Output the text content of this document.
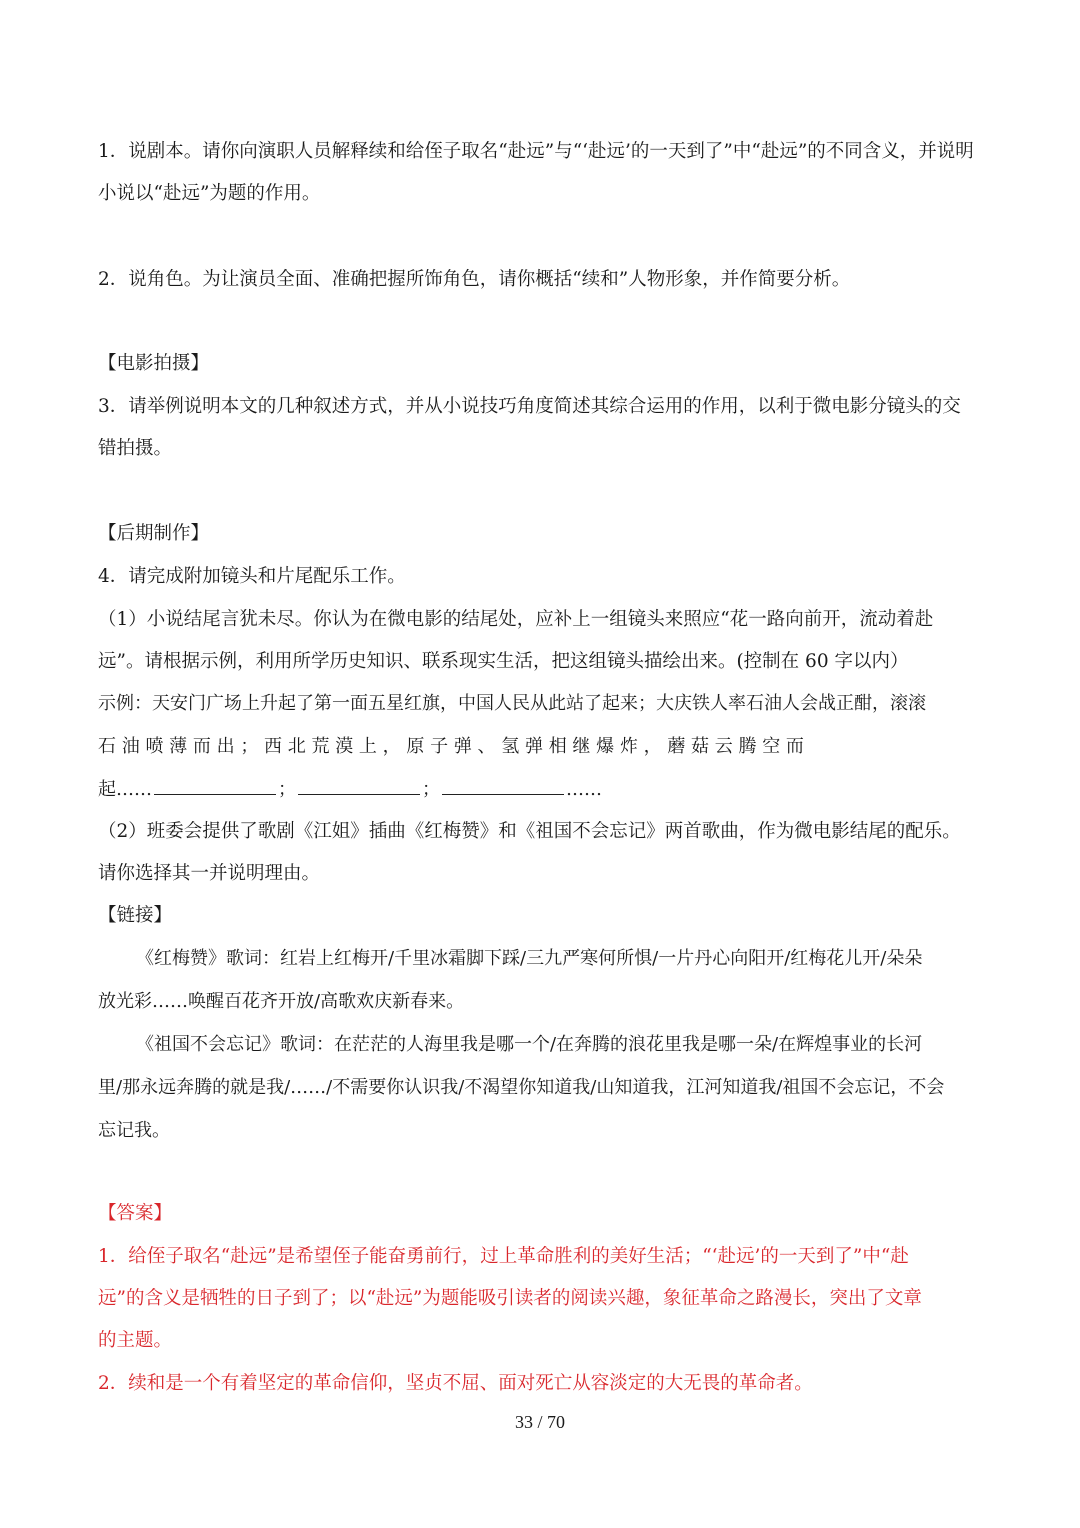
1．说剧本。请你向演职人员解释续和给侄子取名“赴远”与“‘赴远’的一天到了”中“赴远”的不同含义，并说明

小说以“赴远”为题的作用。

2．说角色。为让演员全面、准确把握所饰角色，请你概括“续和”人物形象，并作简要分析。

【电影拍摄】

3．请举例说明本文的几种叙述方式，并从小说技巧角度简述其综合运用的作用，以利于微电影分镜头的交

错拍摄。

【后期制作】

4．请完成附加镜头和片尾配乐工作。

（1）小说结尾言犹未尽。你认为在微电影的结尾处，应补上一组镜头来照应“花一路向前开，流动着赴

远”。请根据示例，利用所学历史知识、联系现实生活，把这组镜头描绘出来。(控制在 60 字以内）

示例：天安门广场上升起了第一面五星红旗，中国人民从此站了起来；大庆铁人率石油人会战正酣，滚滚

石 油 喷 薄 而 出 ； 西 北 荒 漠 上 ， 原 子 弹 、 氢 弹 相 继 爆 炸 ， 蘑 菇 云 腾 空 而

起……	；	；	……

（2）班委会提供了歌剧《江姐》插曲《红梅赞》和《祖国不会忘记》两首歌曲，作为微电影结尾的配乐。

请你选择其一并说明理由。

【链接】

《红梅赞》歌词：红岩上红梅开/千里冰霜脚下踩/三九严寒何所惧/一片丹心向阳开/红梅花儿开/朵朵

放光彩……唤醒百花齐开放/高歌欢庆新春来。

《祖国不会忘记》歌词：在茫茫的人海里我是哪一个/在奔腾的浪花里我是哪一朵/在辉煌事业的长河

里/那永远奔腾的就是我/……/不需要你认识我/不渴望你知道我/山知道我，江河知道我/祖国不会忘记，不会

忘记我。

【答案】

1．给侄子取名“赴远”是希望侄子能奋勇前行，过上革命胜利的美好生活；“‘赴远’的一天到了”中“赴

远”的含义是牺牲的日子到了；以“赴远”为题能吸引读者的阅读兴趣，象征革命之路漫长，突出了文章

的主题。

2．续和是一个有着坚定的革命信仰，坚贞不屈、面对死亡从容淡定的大无畏的革命者。

33 / 70
